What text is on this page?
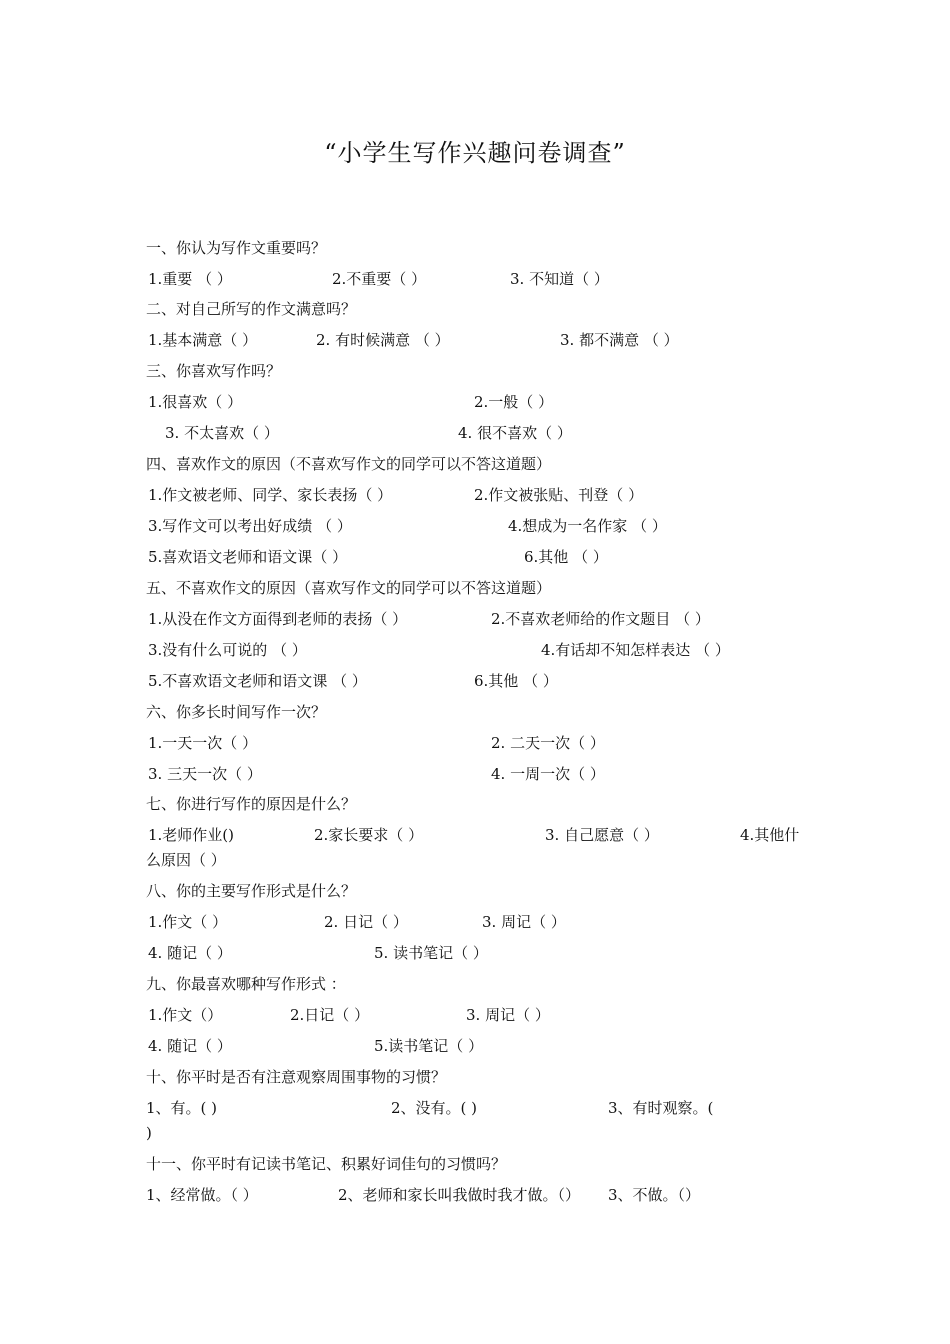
“小学生写作兴趣问卷调查”
一、你认为写作文重要吗？
1.重要 （ ）	2.不重要（ ）	3. 不知道（ ）
二、对自己所写的作文满意吗？
1.基本满意（ ）	2. 有时候满意 （ ）	3. 都不满意 （ ）
三、你喜欢写作吗？
1.很喜欢（ ）	2.一般（ ）
3. 不太喜欢（ ）	4. 很不喜欢（ ）
四、喜欢作文的原因（不喜欢写作文的同学可以不答这道题）
1.作文被老师、同学、家长表扬（ ）	2.作文被张贴、刊登（ ）
3.写作文可以考出好成绩 （ ）	4.想成为一名作家 （ ）
5.喜欢语文老师和语文课（ ）	6.其他 （ ）
五、不喜欢作文的原因（喜欢写作文的同学可以不答这道题）
1.从没在作文方面得到老师的表扬（ ）	2.不喜欢老师给的作文题目 （ ）
3.没有什么可说的 （ ）	4.有话却不知怎样表达 （ ）
5.不喜欢语文老师和语文课 （ ）	6.其他 （ ）
六、你多长时间写作一次？
1.一天一次（ ）	2. 二天一次（ ）
3. 三天一次（ ）	4. 一周一次（ ）
七、你进行写作的原因是什么？
1.老师作业()	2.家长要求（ ）	3. 自己愿意（ ）	4.其他什
么原因（ ）
八、你的主要写作形式是什么？
1.作文（ ）	2. 日记（ ）	3. 周记（ ）
4. 随记（ ）	5. 读书笔记（ ）
九、你最喜欢哪种写作形式 ：
1.作文（）	2.日记（ ）	3. 周记（ ）
4. 随记（ ）	5.读书笔记（ ）
十、你平时是否有注意观察周围事物的习惯？
1、有。( )	2、没有。( )	3、有时观察。(
)
十一、你平时有记读书笔记、积累好词佳句的习惯吗？
1、经常做。（ ）	2、老师和家长叫我做时我才做。（） 3、不做。（）
